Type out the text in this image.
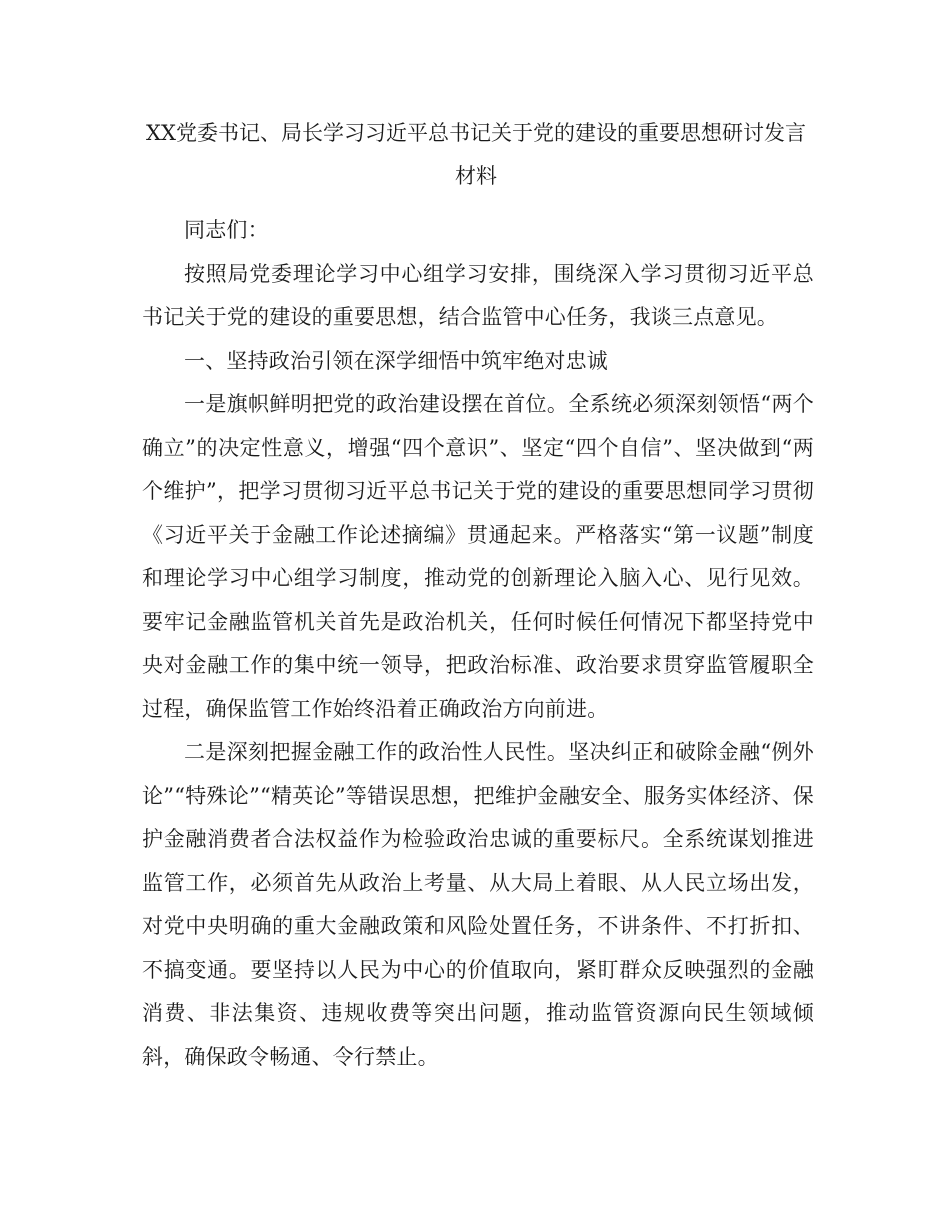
XX党委书记、局长学习习近平总书记关于党的建设的重要思想研讨发言材料

同志们：

按照局党委理论学习中心组学习安排，围绕深入学习贯彻习近平总书记关于党的建设的重要思想，结合监管中心任务，我谈三点意见。

一、坚持政治引领在深学细悟中筑牢绝对忠诚

一是旗帜鲜明把党的政治建设摆在首位。全系统必须深刻领悟“两个确立”的决定性意义，增强“四个意识”、坚定“四个自信”、坚决做到“两个维护”，把学习贯彻习近平总书记关于党的建设的重要思想同学习贯彻《习近平关于金融工作论述摘编》贯通起来。严格落实“第一议题”制度和理论学习中心组学习制度，推动党的创新理论入脑入心、见行见效。要牢记金融监管机关首先是政治机关，任何时候任何情况下都坚持党中央对金融工作的集中统一领导，把政治标准、政治要求贯穿监管履职全过程，确保监管工作始终沿着正确政治方向前进。

二是深刻把握金融工作的政治性人民性。坚决纠正和破除金融“例外论”“特殊论”“精英论”等错误思想，把维护金融安全、服务实体经济、保护金融消费者合法权益作为检验政治忠诚的重要标尺。全系统谋划推进监管工作，必须首先从政治上考量、从大局上着眼、从人民立场出发，对党中央明确的重大金融政策和风险处置任务，不讲条件、不打折扣、不搞变通。要坚持以人民为中心的价值取向，紧盯群众反映强烈的金融消费、非法集资、违规收费等突出问题，推动监管资源向民生领域倾斜，确保政令畅通、令行禁止。
